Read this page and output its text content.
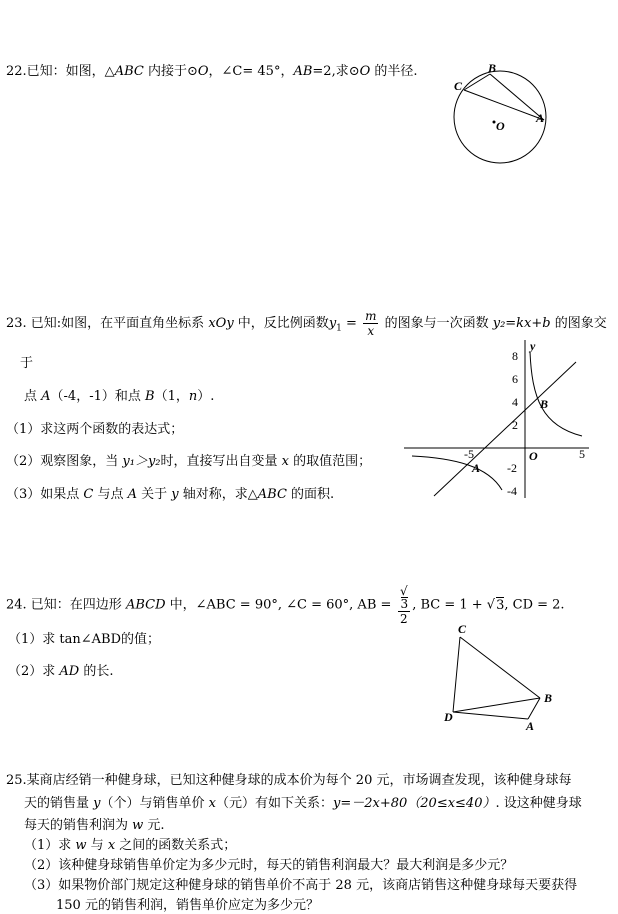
22.已知：如图，△ABC 内接于⊙O，∠C= 45°，AB=2,求⊙O 的半径.
C
B
A
O
23. 已知:如图，在平面直角坐标系 xOy 中，反比例函数$y_1 = \frac{m}{x}$ 的图象与一次函数 y₂=kx+b 的图象交
于
点 A（-4，-1）和点 B（1，n）.
（1）求这两个函数的表达式；
（2）观察图象，当 y₁＞y₂时，直接写出自变量 x 的取值范围；
（3）如果点 C 与点 A 关于 y 轴对称，求△ABC 的面积.
8
6
4
2
-2
-4
-5	5
y
O
A
B
24. 已知：在四边形 ABCD 中，∠ABC = 90°, ∠C = 60°, AB = √
3
2 , BC = 1 + √3, CD = 2.
（1）求 tan∠ABD的值；
（2）求 AD 的长.
C
B
D
A
25.某商店经销一种健身球，已知这种健身球的成本价为每个 20 元，市场调查发现，该种健身球每
天的销售量 y（个）与销售单价 x（元）有如下关系：y=－2x+80（20≤x≤40）. 设这种健身球
每天的销售利润为 w 元.
（1）求 w 与 x 之间的函数关系式；
（2）该种健身球销售单价定为多少元时，每天的销售利润最大？最大利润是多少元？
（3）如果物价部门规定这种健身球的销售单价不高于 28 元，该商店销售这种健身球每天要获得
150 元的销售利润，销售单价应定为多少元？
